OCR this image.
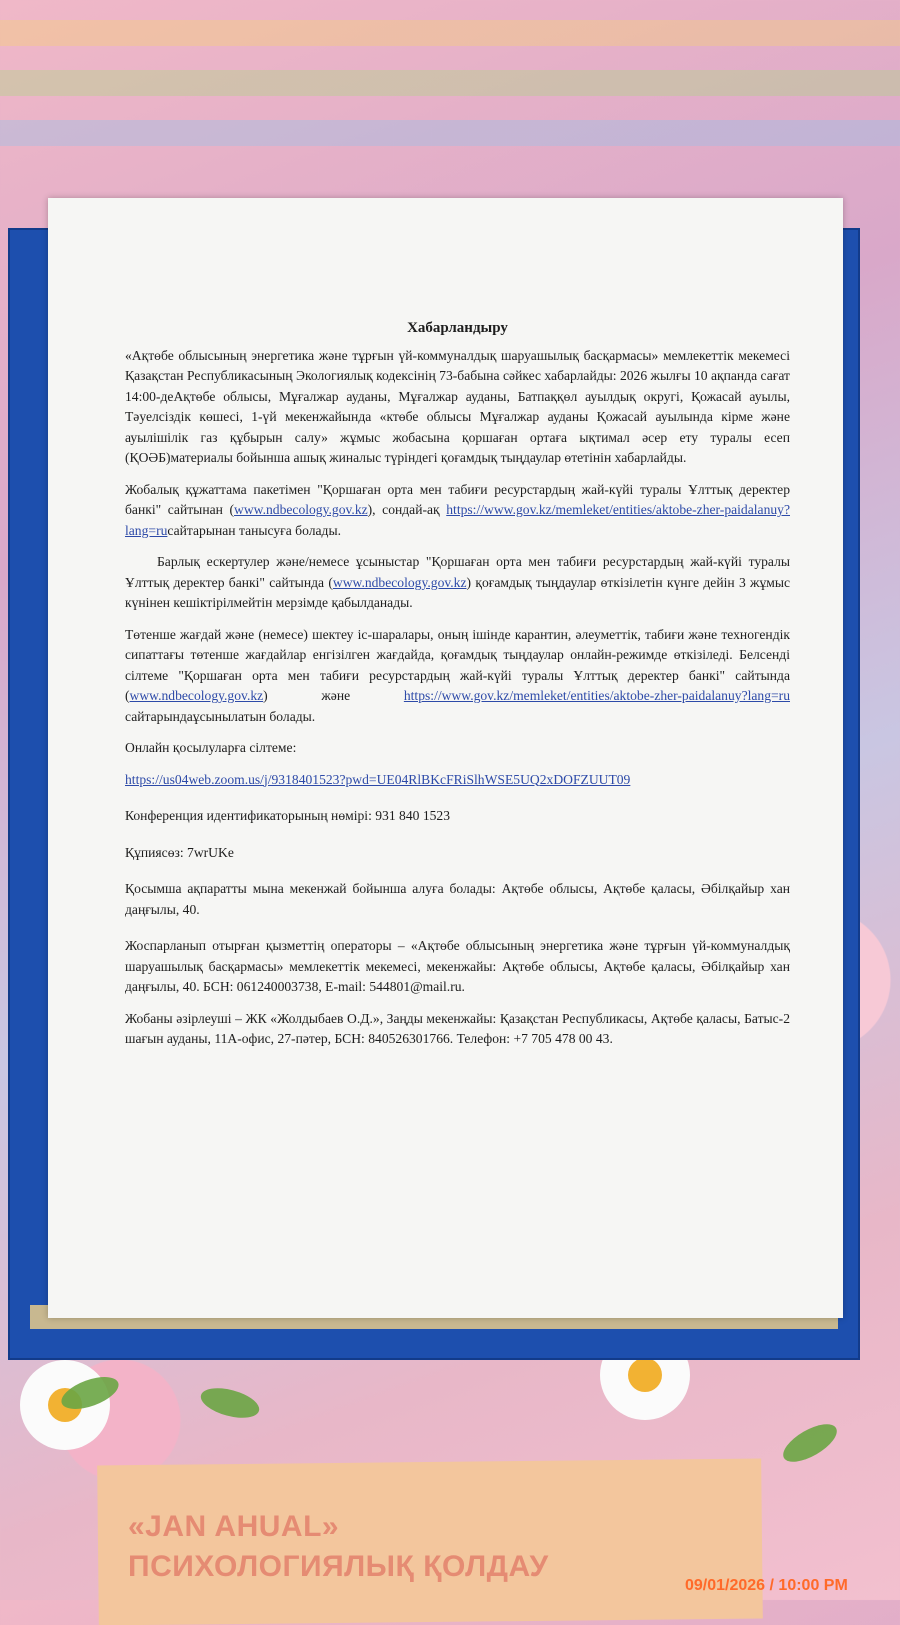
Хабарландыру
«Ақтөбе облысының энергетика және тұрғын үй-коммуналдық шаруашылық басқармасы» мемлекеттік мекемесі Қазақстан Республикасының Экологиялық кодексінің 73-бабына сәйкес хабарлайды: 2026 жылғы 10 ақпанда сағат 14:00-деАқтөбе облысы, Мұғалжар ауданы, Мұғалжар ауданы, Батпаққөл ауылдық округі, Қожасай ауылы, Тәуелсіздік көшесі, 1-үй мекенжайында «ктөбе облысы Мұғалжар ауданы Қожасай ауылында кірме және ауылішілік газ құбырын салу» жұмыс жобасына қоршаған ортаға ықтимал әсер ету туралы есеп (ҚОӘБ)материалы бойынша ашық жиналыс түріндегі қоғамдық тыңдаулар өтетінін хабарлайды.
Жобалық құжаттама пакетімен "Қоршаған орта мен табиғи ресурстардың жай-күйі туралы Ұлттық деректер банкі" сайтынан (www.ndbecology.gov.kz), сондай-ақ https://www.gov.kz/memleket/entities/aktobe-zher-paidalanuy?lang=ruсайтарынан танысуға болады.
Барлық ескертулер және/немесе ұсыныстар "Қоршаған орта мен табиғи ресурстардың жай-күйі туралы Ұлттық деректер банкі" сайтында (www.ndbecology.gov.kz) қоғамдық тыңдаулар өткізілетін күнге дейін 3 жұмыс күнінен кешіктірілмейтін мерзімде қабылданады.
Төтенше жағдай және (немесе) шектеу іс-шаралары, оның ішінде карантин, әлеуметтік, табиғи және техногендік сипаттағы төтенше жағдайлар енгізілген жағдайда, қоғамдық тыңдаулар онлайн-режимде өткізіледі. Белсенді сілтеме "Қоршаған орта мен табиғи ресурстардың жай-күйі туралы Ұлттық деректер банкі" сайтында (www.ndbecology.gov.kz) және https://www.gov.kz/memleket/entities/aktobe-zher-paidalanuy?lang=ru сайтарындаұсынылатын болады.
Онлайн қосылуларға сілтеме:
https://us04web.zoom.us/j/9318401523?pwd=UE04RlBKcFRiSlhWSE5UQ2xDOFZUUT09
Конференция идентификаторының нөмірі: 931 840 1523
Құпиясөз: 7wrUKe
Қосымша ақпаратты мына мекенжай бойынша алуға болады: Ақтөбе облысы, Ақтөбе қаласы, Әбілқайыр хан даңғылы, 40.
Жоспарланып отырған қызметтің операторы – «Ақтөбе облысының энергетика және тұрғын үй-коммуналдық шаруашылық басқармасы» мемлекеттік мекемесі, мекенжайы: Ақтөбе облысы, Ақтөбе қаласы, Әбілқайыр хан даңғылы, 40. БСН: 061240003738, E-mail: 544801@mail.ru.
Жобаны әзірлеуші – ЖК «Жолдыбаев О.Д.», Заңды мекенжайы: Қазақстан Республикасы, Ақтөбе қаласы, Батыс-2 шағын ауданы, 11А-офис, 27-пәтер, БСН: 840526301766. Телефон: +7 705 478 00 43.
«JAN AHUAL»
ПСИХОЛОГИЯЛЫҚ ҚОЛДАУ
09/01/2026 / 10:00 PM
